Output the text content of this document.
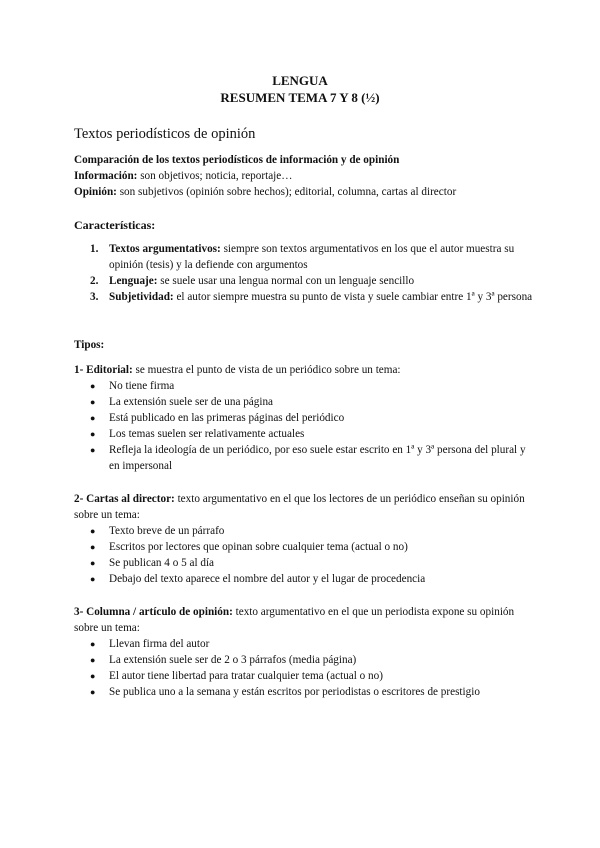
LENGUA
RESUMEN TEMA 7 Y 8 (½)
Textos periodísticos de opinión

Comparación de los textos periodísticos de información y de opinión

Información: son objetivos; noticia, reportaje…

Opinión: son subjetivos (opinión sobre hechos); editorial, columna, cartas al director

Características:

1. Textos argumentativos: siempre son textos argumentativos en los que el autor muestra su opinión (tesis) y la defiende con argumentos
2. Lenguaje: se suele usar una lengua normal con un lenguaje sencillo
3. Subjetividad: el autor siempre muestra su punto de vista y suele cambiar entre 1ª y 3ª persona

Tipos:

1- Editorial: se muestra el punto de vista de un periódico sobre un tema:

● No tiene firma
● La extensión suele ser de una página
● Está publicado en las primeras páginas del periódico
● Los temas suelen ser relativamente actuales
● Refleja la ideología de un periódico, por eso suele estar escrito en 1ª y 3ª persona del plural y en impersonal

2- Cartas al director: texto argumentativo en el que los lectores de un periódico enseñan su opinión sobre un tema:

● Texto breve de un párrafo
● Escritos por lectores que opinan sobre cualquier tema (actual o no)
● Se publican 4 o 5 al día
● Debajo del texto aparece el nombre del autor y el lugar de procedencia

3- Columna / artículo de opinión: texto argumentativo en el que un periodista expone su opinión sobre un tema:

● Llevan firma del autor
● La extensión suele ser de 2 o 3 párrafos (media página)
● El autor tiene libertad para tratar cualquier tema (actual o no)
● Se publica uno a la semana y están escritos por periodistas o escritores de prestigio
